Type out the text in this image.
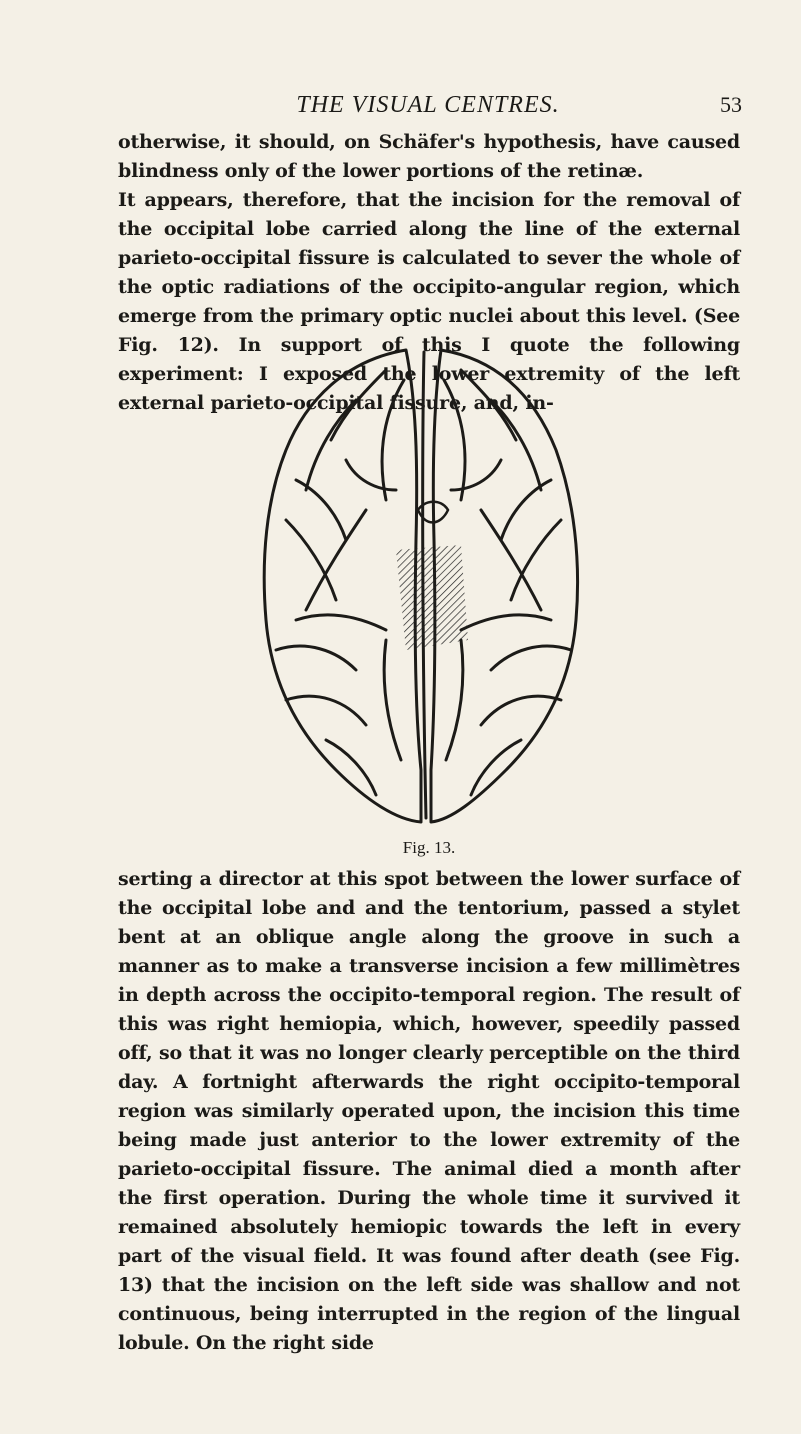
THE VISUAL CENTRES.	53

otherwise, it should, on Schäfer's hypothesis, have caused blindness only of the lower portions of the retinæ.

It appears, therefore, that the incision for the removal of the occipital lobe carried along the line of the external parieto-occipital fissure is calculated to sever the whole of the optic radiations of the occipito-angular region, which emerge from the primary optic nuclei about this level. (See Fig. 12). In support of this I quote the following experiment: I exposed the lower extremity of the left external parieto-occipital fissure, and, in-

Fig. 13.

serting a director at this spot between the lower surface of the occipital lobe and and the tentorium, passed a stylet bent at an oblique angle along the groove in such a manner as to make a transverse incision a few millimètres in depth across the occipito-temporal region. The result of this was right hemiopia, which, however, speedily passed off, so that it was no longer clearly perceptible on the third day. A fortnight afterwards the right occipito-temporal region was similarly operated upon, the incision this time being made just anterior to the lower extremity of the parieto-occipital fissure. The animal died a month after the first operation. During the whole time it survived it remained absolutely hemiopic towards the left in every part of the visual field. It was found after death (see Fig. 13) that the incision on the left side was shallow and not continuous, being interrupted in the region of the lingual lobule. On the right side
